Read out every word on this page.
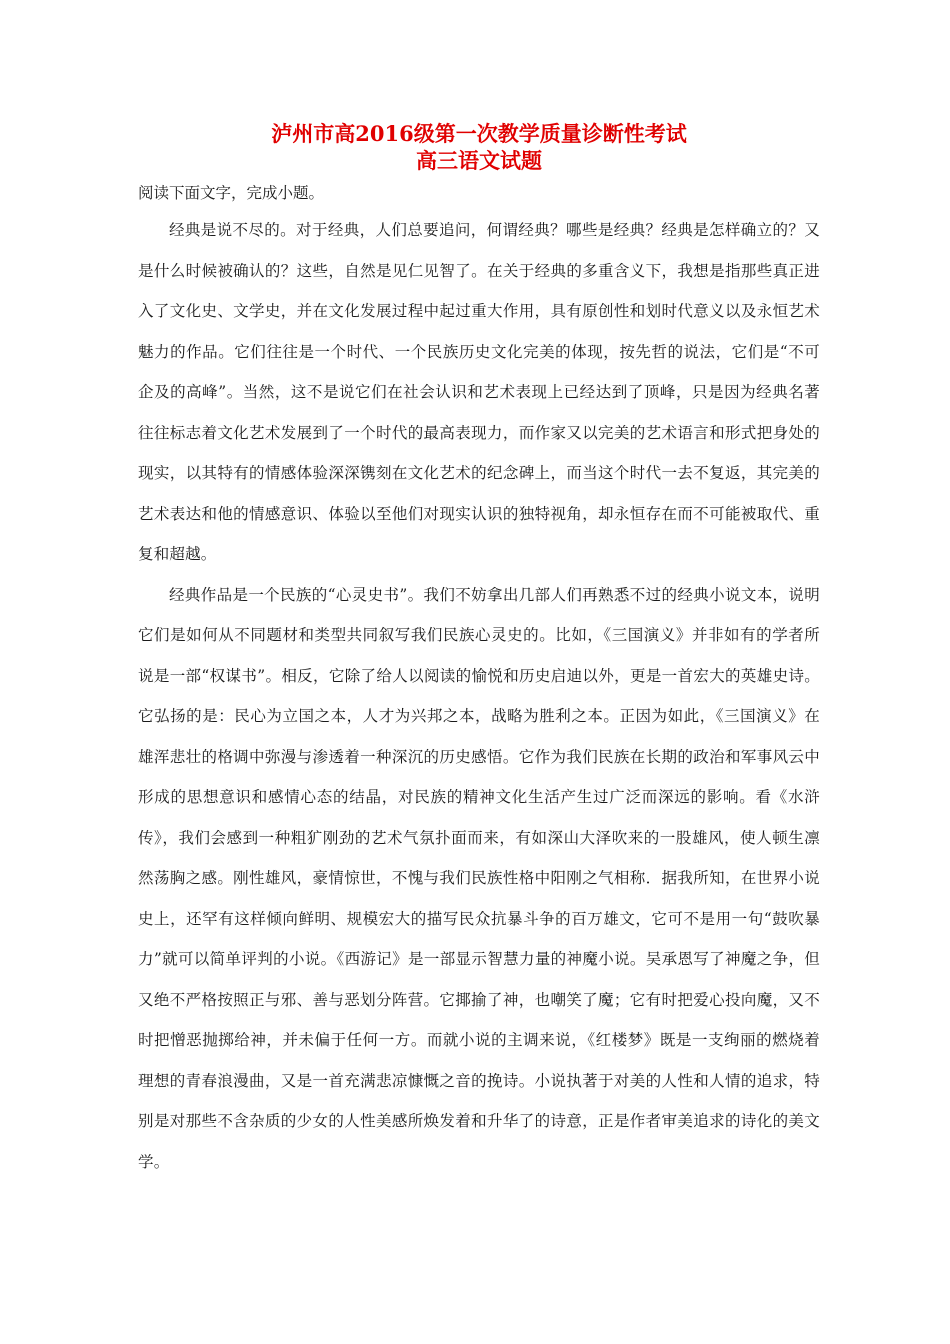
泸州市高2016级第一次教学质量诊断性考试
高三语文试题

阅读下面文字，完成小题。

经典是说不尽的。对于经典，人们总要追问，何谓经典？哪些是经典？经典是怎样确立的？又是什么时候被确认的？这些，自然是见仁见智了。在关于经典的多重含义下，我想是指那些真正进入了文化史、文学史，并在文化发展过程中起过重大作用，具有原创性和划时代意义以及永恒艺术魅力的作品。它们往往是一个时代、一个民族历史文化完美的体现，按先哲的说法，它们是“不可企及的高峰”。当然，这不是说它们在社会认识和艺术表现上已经达到了顶峰，只是因为经典名著往往标志着文化艺术发展到了一个时代的最高表现力，而作家又以完美的艺术语言和形式把身处的现实，以其特有的情感体验深深镌刻在文化艺术的纪念碑上，而当这个时代一去不复返，其完美的艺术表达和他的情感意识、体验以至他们对现实认识的独特视角，却永恒存在而不可能被取代、重复和超越。

经典作品是一个民族的“心灵史书”。我们不妨拿出几部人们再熟悉不过的经典小说文本，说明它们是如何从不同题材和类型共同叙写我们民族心灵史的。比如，《三国演义》并非如有的学者所说是一部“权谋书”。相反，它除了给人以阅读的愉悦和历史启迪以外，更是一首宏大的英雄史诗。它弘扬的是：民心为立国之本，人才为兴邦之本，战略为胜利之本。正因为如此，《三国演义》在雄浑悲壮的格调中弥漫与渗透着一种深沉的历史感悟。它作为我们民族在长期的政治和军事风云中形成的思想意识和感情心态的结晶，对民族的精神文化生活产生过广泛而深远的影响。看《水浒传》，我们会感到一种粗犷刚劲的艺术气氛扑面而来，有如深山大泽吹来的一股雄风，使人顿生凛然荡胸之感。刚性雄风，豪情惊世，不愧与我们民族性格中阳刚之气相称．据我所知，在世界小说史上，还罕有这样倾向鲜明、规模宏大的描写民众抗暴斗争的百万雄文，它可不是用一句“鼓吹暴力”就可以简单评判的小说。《西游记》是一部显示智慧力量的神魔小说。吴承恩写了神魔之争，但又绝不严格按照正与邪、善与恶划分阵营。它揶揄了神，也嘲笑了魔；它有时把爱心投向魔，又不时把憎恶抛掷给神，并未偏于任何一方。而就小说的主调来说，《红楼梦》既是一支绚丽的燃烧着理想的青春浪漫曲，又是一首充满悲凉慷慨之音的挽诗。小说执著于对美的人性和人情的追求，特别是对那些不含杂质的少女的人性美感所焕发着和升华了的诗意，正是作者审美追求的诗化的美文学。
